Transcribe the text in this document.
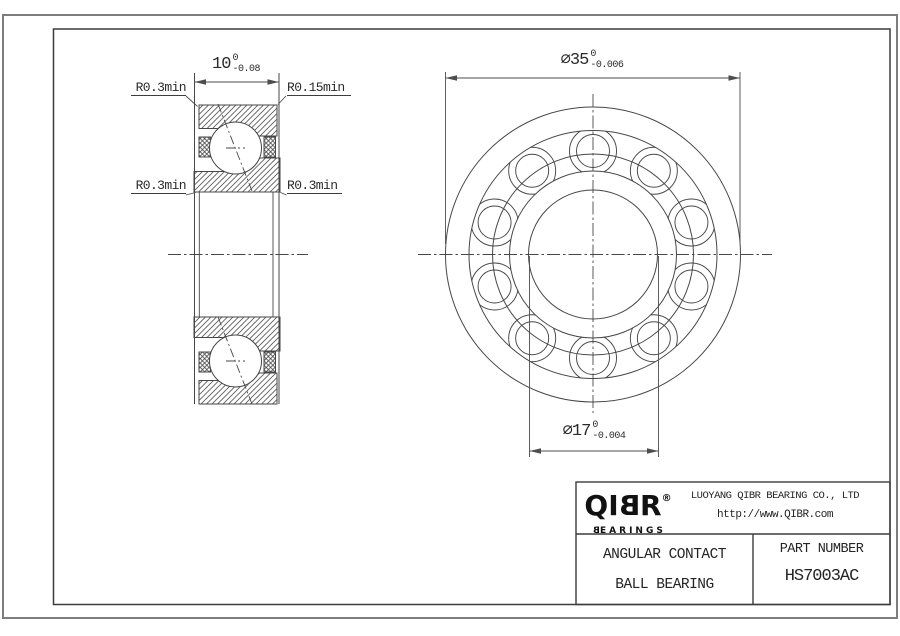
R0.3min	R0.15min
R0.3min	R0.3min
10 0
-0.08	⌀35 0
-0.006
⌀17 0
-0.004
QIBR®
BEARINGS
LUOYANG QIBR BEARING CO., LTD
http://www.QIBR.com
ANGULAR CONTACT
BALL BEARING
PART NUMBER
HS7003AC
